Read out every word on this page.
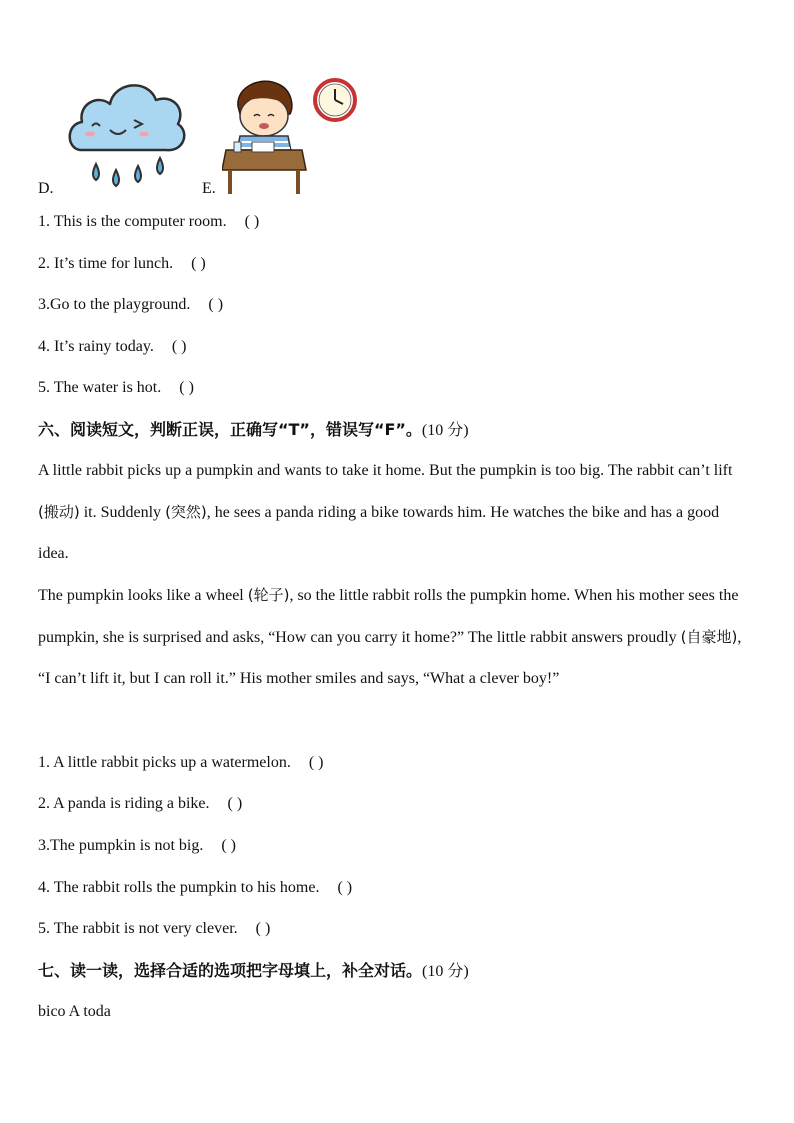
D.	E.
1. This is the computer room. ( )
2. It’s time for lunch. ( )
3.Go to the playground. ( )
4. It’s rainy today. ( )
5. The water is hot. ( )
六、阅读短文，判断正误，正确写“T”，错误写“F”。(10 分)
A little rabbit picks up a pumpkin and wants to take it home. But the pumpkin is too big. The rabbit can’t lift (搬动) it. Suddenly (突然), he sees a panda riding a bike towards him. He watches the bike and has a good idea.
The pumpkin looks like a wheel (轮子), so the little rabbit rolls the pumpkin home. When his mother sees the pumpkin, she is surprised and asks, “How can you carry it home?” The little rabbit answers proudly (自豪地), “I can’t lift it, but I can roll it.” His mother smiles and says, “What a clever boy!”
1. A little rabbit picks up a watermelon. ( )
2. A panda is riding a bike. ( )
3.The pumpkin is not big. ( )
4. The rabbit rolls the pumpkin to his home. ( )
5. The rabbit is not very clever. ( )
七、读一读，选择合适的选项把字母填上，补全对话。(10 分)
bico A toda
